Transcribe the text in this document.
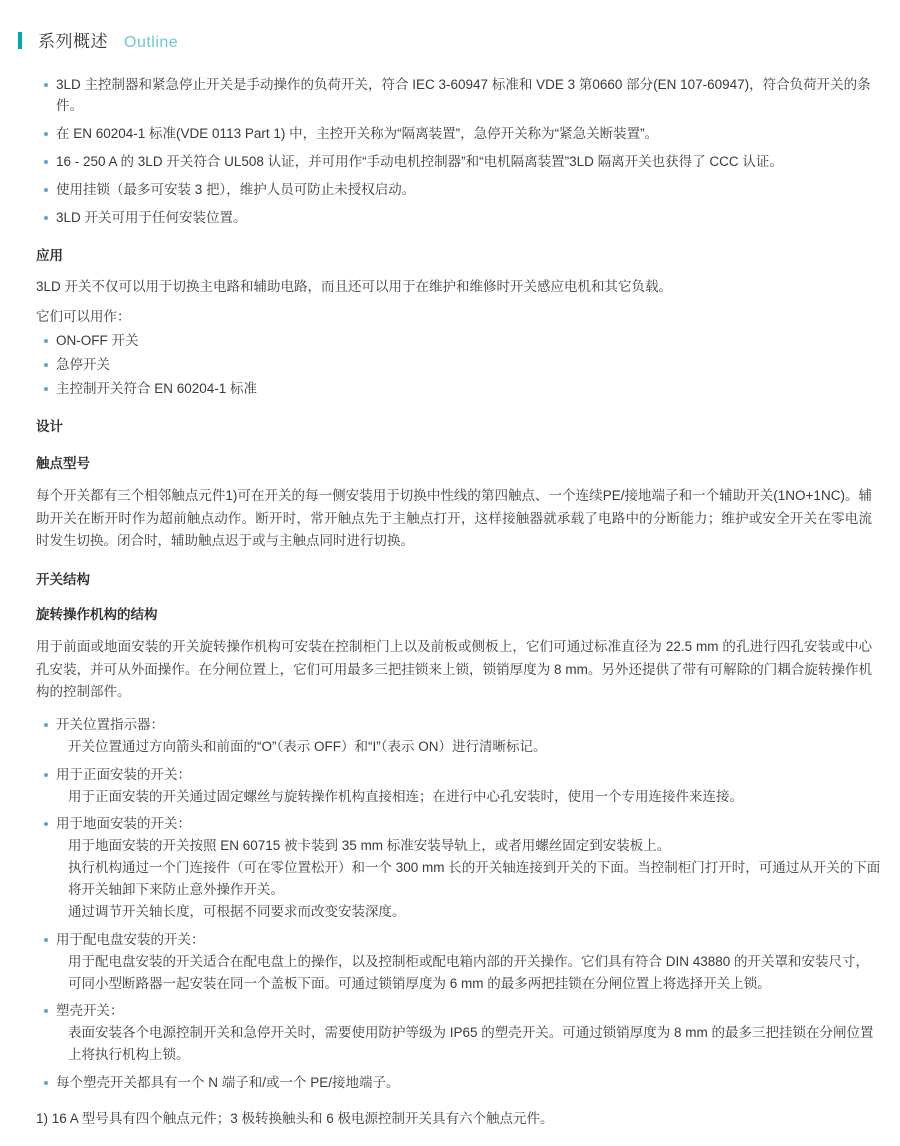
系列概述 Outline
3LD 主控制器和紧急停止开关是手动操作的负荷开关，符合 IEC 3-60947 标准和 VDE 3 第0660 部分(EN 107-60947)，符合负荷开关的条件。
在 EN 60204-1 标准(VDE 0113 Part 1) 中，主控开关称为“隔离装置”，急停开关称为“紧急关断装置”。
16 - 250 A 的 3LD 开关符合 UL508 认证，并可用作“手动电机控制器”和“电机隔离装置”3LD 隔离开关也获得了 CCC 认证。
使用挂锁（最多可安装 3 把），维护人员可防止未授权启动。
3LD 开关可用于任何安装位置。
应用

3LD 开关不仅可以用于切换主电路和辅助电路，而且还可以用于在维护和维修时开关感应电机和其它负载。

它们可以用作：

ON-OFF 开关
急停开关
主控制开关符合 EN 60204-1 标准
设计
触点型号

每个开关都有三个相邻触点元件1)可在开关的每一侧安装用于切换中性线的第四触点、一个连续PE/接地端子和一个辅助开关(1NO+1NC)。辅助开关在断开时作为超前触点动作。断开时，常开触点先于主触点打开，这样接触器就承载了电路中的分断能力；维护或安全开关在零电流时发生切换。闭合时，辅助触点迟于或与主触点同时进行切换。

开关结构
旋转操作机构的结构

用于前面或地面安装的开关旋转操作机构可安装在控制柜门上以及前板或侧板上，它们可通过标准直径为 22.5 mm 的孔进行四孔安装或中心孔安装，并可从外面操作。在分闸位置上，它们可用最多三把挂锁来上锁，锁销厚度为 8 mm。另外还提供了带有可解除的门耦合旋转操作机构的控制部件。

开关位置指示器：
开关位置通过方向箭头和前面的“O”（表示 OFF）和“I”（表示 ON）进行清晰标记。
用于正面安装的开关：
用于正面安装的开关通过固定螺丝与旋转操作机构直接相连；在进行中心孔安装时，使用一个专用连接件来连接。
用于地面安装的开关：
用于地面安装的开关按照 EN 60715 被卡装到 35 mm 标准安装导轨上，或者用螺丝固定到安装板上。
执行机构通过一个门连接件（可在零位置松开）和一个 300 mm 长的开关轴连接到开关的下面。当控制柜门打开时，可通过从开关的下面将开关轴卸下来防止意外操作开关。
通过调节开关轴长度，可根据不同要求而改变安装深度。
用于配电盘安装的开关：
用于配电盘安装的开关适合在配电盘上的操作，以及控制柜或配电箱内部的开关操作。它们具有符合 DIN 43880 的开关罩和安装尺寸，可同小型断路器一起安装在同一个盖板下面。可通过锁销厚度为 6 mm 的最多两把挂锁在分闸位置上将选择开关上锁。
塑壳开关：
表面安装各个电源控制开关和急停开关时，需要使用防护等级为 IP65 的塑壳开关。可通过锁销厚度为 8 mm 的最多三把挂锁在分闸位置上将执行机构上锁。
每个塑壳开关都具有一个 N 端子和/或一个 PE/接地端子。

1) 16 A 型号具有四个触点元件；3 极转换触头和 6 极电源控制开关具有六个触点元件。
